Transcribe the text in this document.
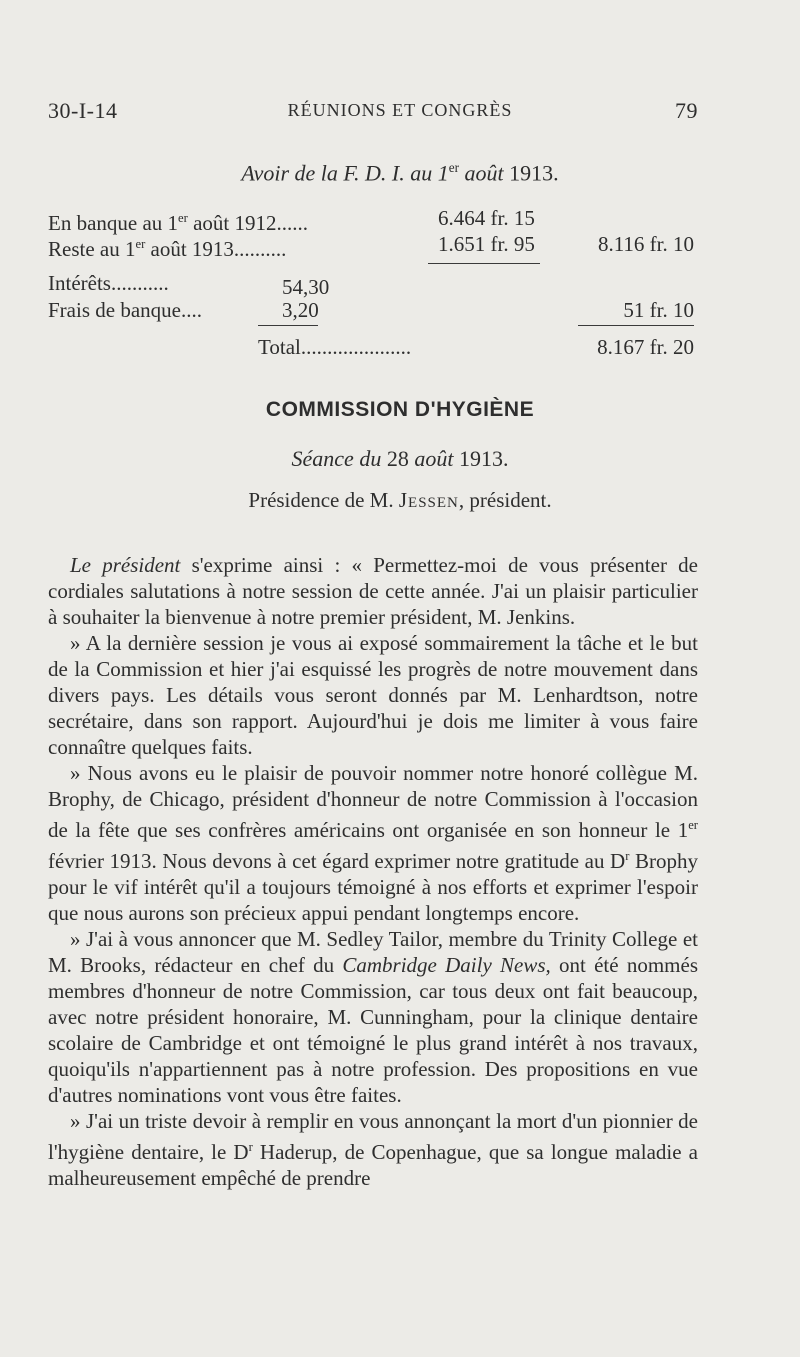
30-I-14	RÉUNIONS ET CONGRÈS	79
Avoir de la F. D. I. au 1er août 1913.
En banque au 1er août 1912......	6.464 fr. 15
Reste au 1er août 1913..........	1.651 fr. 95	8.116 fr. 10
Intérêts...........	54,30
Frais de banque....	3,20	51 fr. 10
Total.....................	8.167 fr. 20
COMMISSION D'HYGIÈNE
Séance du 28 août 1913.
Présidence de M. Jessen, président.

Le président s'exprime ainsi : « Permettez-moi de vous présenter de cordiales salutations à notre session de cette année. J'ai un plaisir particulier à souhaiter la bienvenue à notre premier président, M. Jenkins.

» A la dernière session je vous ai exposé sommairement la tâche et le but de la Commission et hier j'ai esquissé les progrès de notre mouvement dans divers pays. Les détails vous seront donnés par M. Lenhardtson, notre secrétaire, dans son rapport. Aujourd'hui je dois me limiter à vous faire connaître quelques faits.

» Nous avons eu le plaisir de pouvoir nommer notre honoré collègue M. Brophy, de Chicago, président d'honneur de notre Commission à l'occasion de la fête que ses confrères américains ont organisée en son honneur le 1er février 1913. Nous devons à cet égard exprimer notre gratitude au $D^r$ Brophy pour le vif intérêt qu'il a toujours témoigné à nos efforts et exprimer l'espoir que nous aurons son précieux appui pendant longtemps encore.

» J'ai à vous annoncer que M. Sedley Tailor, membre du Trinity College et M. Brooks, rédacteur en chef du Cambridge Daily News, ont été nommés membres d'honneur de notre Commission, car tous deux ont fait beaucoup, avec notre président honoraire, M. Cunningham, pour la clinique dentaire scolaire de Cambridge et ont témoigné le plus grand intérêt à nos travaux, quoiqu'ils n'appartiennent pas à notre profession. Des propositions en vue d'autres nominations vont vous être faites.

» J'ai un triste devoir à remplir en vous annonçant la mort d'un pionnier de l'hygiène dentaire, le $D^r$ Haderup, de Copenhague, que sa longue maladie a malheureusement empêché de prendre
